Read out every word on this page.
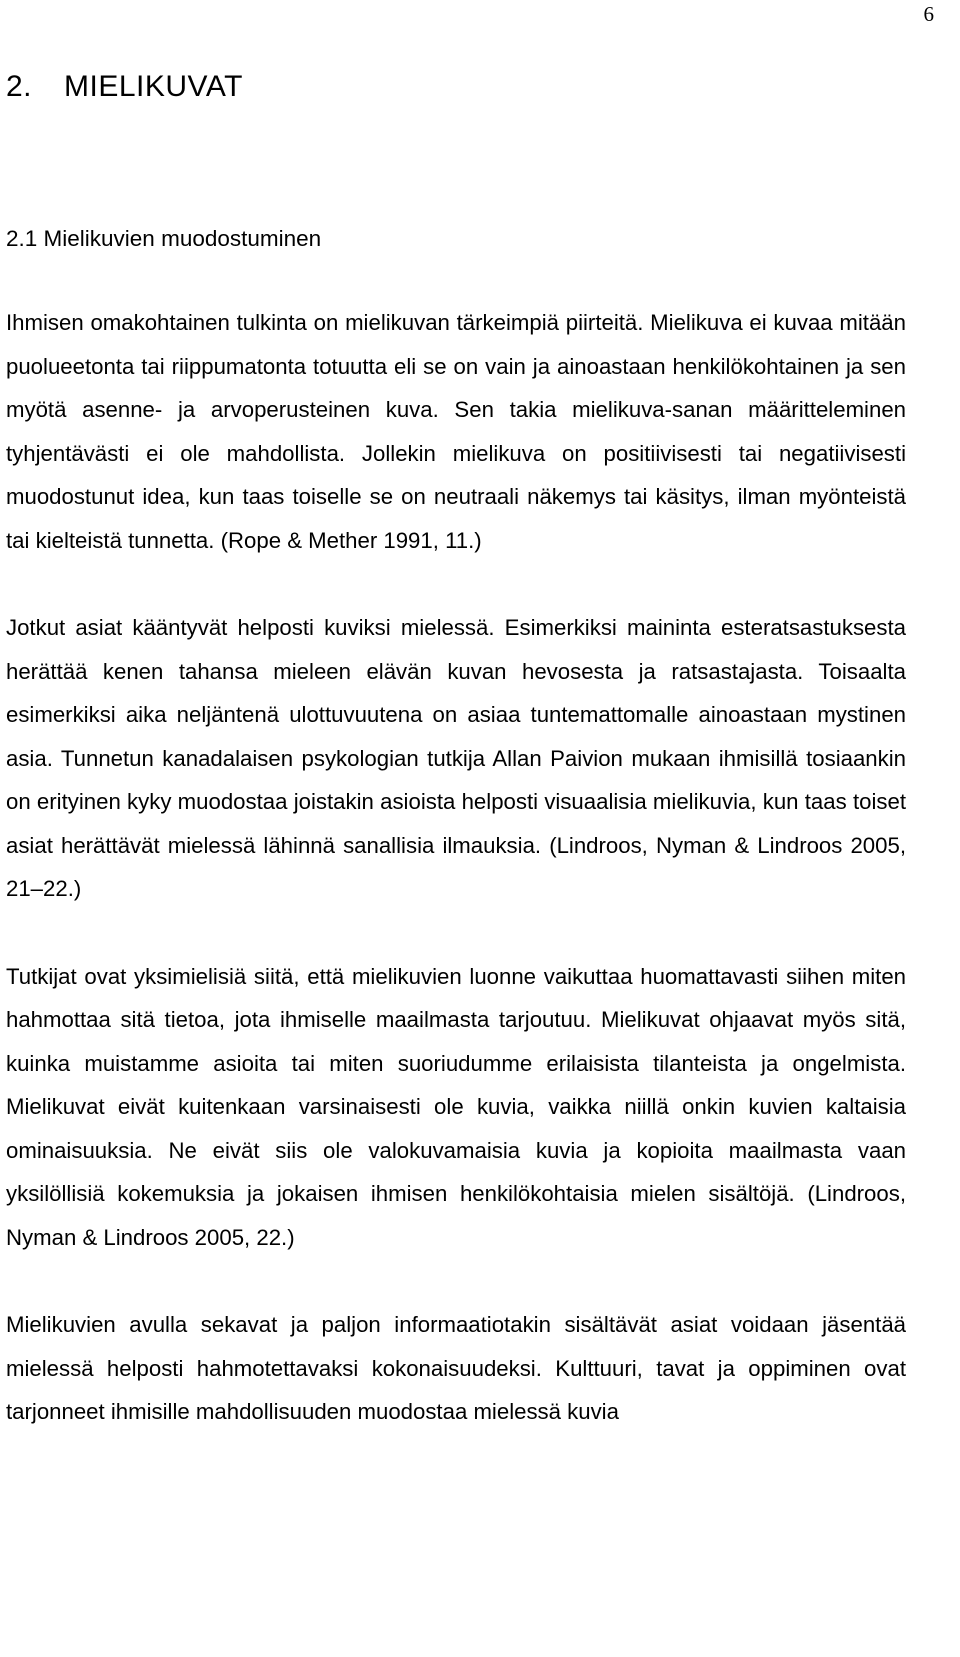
6
2. MIELIKUVAT
2.1 Mielikuvien muodostuminen

Ihmisen omakohtainen tulkinta on mielikuvan tärkeimpiä piirteitä. Mielikuva ei kuvaa mitään puolueetonta tai riippumatonta totuutta eli se on vain ja ainoastaan henkilökohtainen ja sen myötä asenne- ja arvoperusteinen kuva. Sen takia mielikuva-sanan määritteleminen tyhjentävästi ei ole mahdollista. Jollekin mielikuva on positiivisesti tai negatiivisesti muodostunut idea, kun taas toiselle se on neutraali näkemys tai käsitys, ilman myönteistä tai kielteistä tunnetta. (Rope & Mether 1991, 11.)

Jotkut asiat kääntyvät helposti kuviksi mielessä. Esimerkiksi maininta esteratsastuksesta herättää kenen tahansa mieleen elävän kuvan hevosesta ja ratsastajasta. Toisaalta esimerkiksi aika neljäntenä ulottuvuutena on asiaa tuntemattomalle ainoastaan mystinen asia. Tunnetun kanadalaisen psykologian tutkija Allan Paivion mukaan ihmisillä tosiaankin on erityinen kyky muodostaa joistakin asioista helposti visuaalisia mielikuvia, kun taas toiset asiat herättävät mielessä lähinnä sanallisia ilmauksia. (Lindroos, Nyman & Lindroos 2005, 21–22.)

Tutkijat ovat yksimielisiä siitä, että mielikuvien luonne vaikuttaa huomattavasti siihen miten hahmottaa sitä tietoa, jota ihmiselle maailmasta tarjoutuu. Mielikuvat ohjaavat myös sitä, kuinka muistamme asioita tai miten suoriudumme erilaisista tilanteista ja ongelmista. Mielikuvat eivät kuitenkaan varsinaisesti ole kuvia, vaikka niillä onkin kuvien kaltaisia ominaisuuksia. Ne eivät siis ole valokuvamaisia kuvia ja kopioita maailmasta vaan yksilöllisiä kokemuksia ja jokaisen ihmisen henkilökohtaisia mielen sisältöjä. (Lindroos, Nyman & Lindroos 2005, 22.)

Mielikuvien avulla sekavat ja paljon informaatiotakin sisältävät asiat voidaan jäsentää mielessä helposti hahmotettavaksi kokonaisuudeksi. Kulttuuri, tavat ja oppiminen ovat tarjonneet ihmisille mahdollisuuden muodostaa mielessä kuvia
